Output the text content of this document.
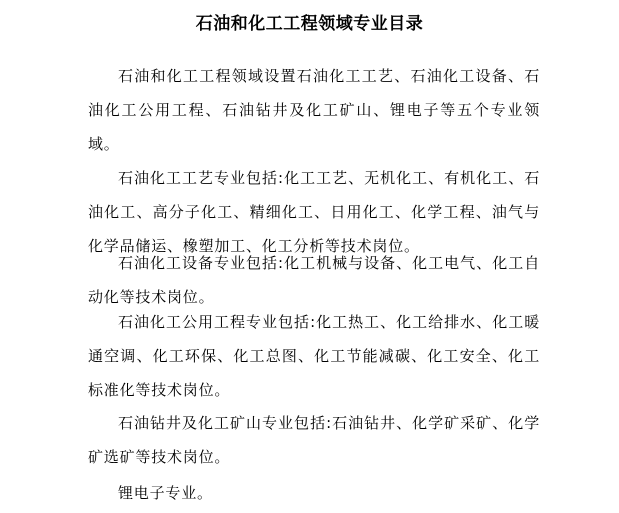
石油和化工工程领域专业目录

石油和化工工程领域设置石油化工工艺、石油化工设备、石油化工公用工程、石油钻井及化工矿山、锂电子等五个专业领域。

石油化工工艺专业包括:化工工艺、无机化工、有机化工、石油化工、高分子化工、精细化工、日用化工、化学工程、油气与化学品储运、橡塑加工、化工分析等技术岗位。

石油化工设备专业包括:化工机械与设备、化工电气、化工自动化等技术岗位。

石油化工公用工程专业包括:化工热工、化工给排水、化工暖通空调、化工环保、化工总图、化工节能减碳、化工安全、化工标准化等技术岗位。

石油钻井及化工矿山专业包括:石油钻井、化学矿采矿、化学矿选矿等技术岗位。

锂电子专业。
